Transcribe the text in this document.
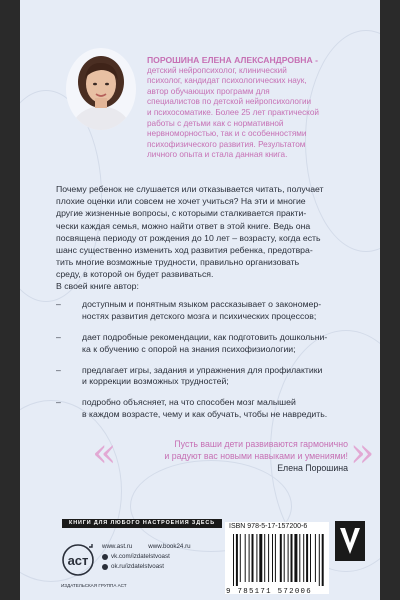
ПОРОШИНА ЕЛЕНА АЛЕКСАНДРОВНА -
детский нейропсихолог, клинический
психолог, кандидат психологических наук,
автор обучающих программ для
специалистов по детской нейропсихологии
и психосоматике. Более 25 лет практической
работы с детьми как с нормативной
нервноморностью, так и с особенностями
психофизического развития. Результатом
личного опыта и стала данная книга.
Почему ребенок не слушается или отказывается читать, получает
плохие оценки или совсем не хочет учиться? На эти и многие
другие жизненные вопросы, с которыми сталкивается практи-
чески каждая семья, можно найти ответ в этой книге. Ведь она
посвящена периоду от рождения до 10 лет – возрасту, когда есть
шанс существенно изменить ход развития ребенка, предотвра-
тить многие возможные трудности, правильно организовать
среду, в которой он будет развиваться.
В своей книге автор:
–	доступным и понятным языком рассказывает о закономер-
ностях развития детского мозга и психических процессов;
–	дает подробные рекомендации, как подготовить дошкольни-
ка к обучению с опорой на знания психофизиологии;
–	предлагает игры, задания и упражнения для профилактики
и коррекции возможных трудностей;
–	подробно объясняет, на что способен мозг малышей
в каждом возрасте, чему и как обучать, чтобы не навредить.
«	Пусть ваши дети развиваются гармонично
и радуют вас новыми навыками и умениями!
Елена Порошина »
КНИГИ ДЛЯ ЛЮБОГО НАСТРОЕНИЯ ЗДЕСЬ
аст
ИЗДАТЕЛЬСКАЯ ГРУППА АСТ
www.ast.ru	www.book24.ru
vk.com/izdatelstvoast
ok.ru/izdatelstvoast
ISBN 978-5-17-157200-6
9 785171 572006
